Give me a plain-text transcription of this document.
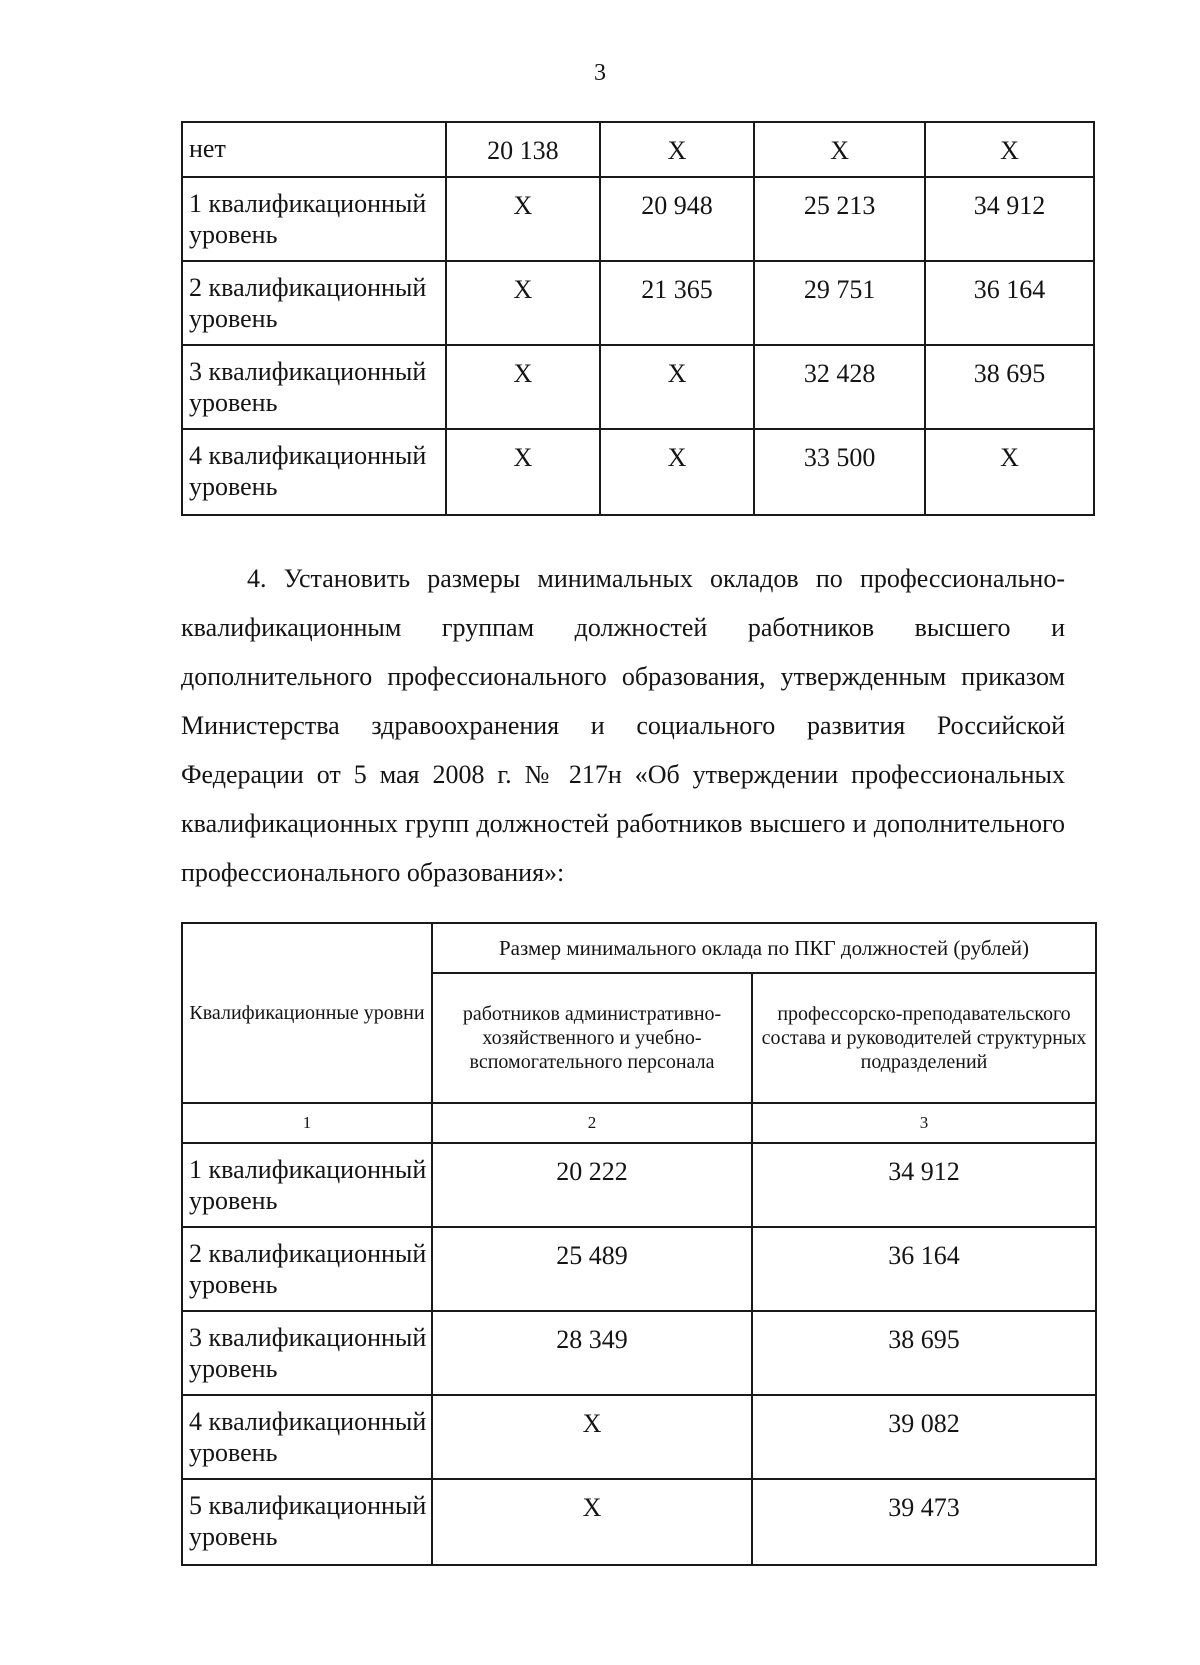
3
нет	20 138	X	X	X
1 квалификационный уровень	X	20 948	25 213	34 912
2 квалификационный уровень	X	21 365	29 751	36 164
3 квалификационный уровень	X	X	32 428	38 695
4 квалификационный уровень	X	X	33 500	X

4. Установить размеры минимальных окладов по профессионально-квалификационным группам должностей работников высшего и дополнительного профессионального образования, утвержденным приказом Министерства здравоохранения и социального развития Российской Федерации от 5 мая 2008 г. № 217н «Об утверждении профессиональных квалификационных групп должностей работников высшего и дополнительного профессионального образования»:

Квалификационные уровни	Размер минимального оклада по ПКГ должностей (рублей)	
	работников административно-хозяйственного и учебно-вспомогательного персонала	профессорско-преподавательского состава и руководителей структурных подразделений
1	2	3
1 квалификационный уровень	20 222	34 912
2 квалификационный уровень	25 489	36 164
3 квалификационный уровень	28 349	38 695
4 квалификационный уровень	X	39 082
5 квалификационный уровень	X	39 473
